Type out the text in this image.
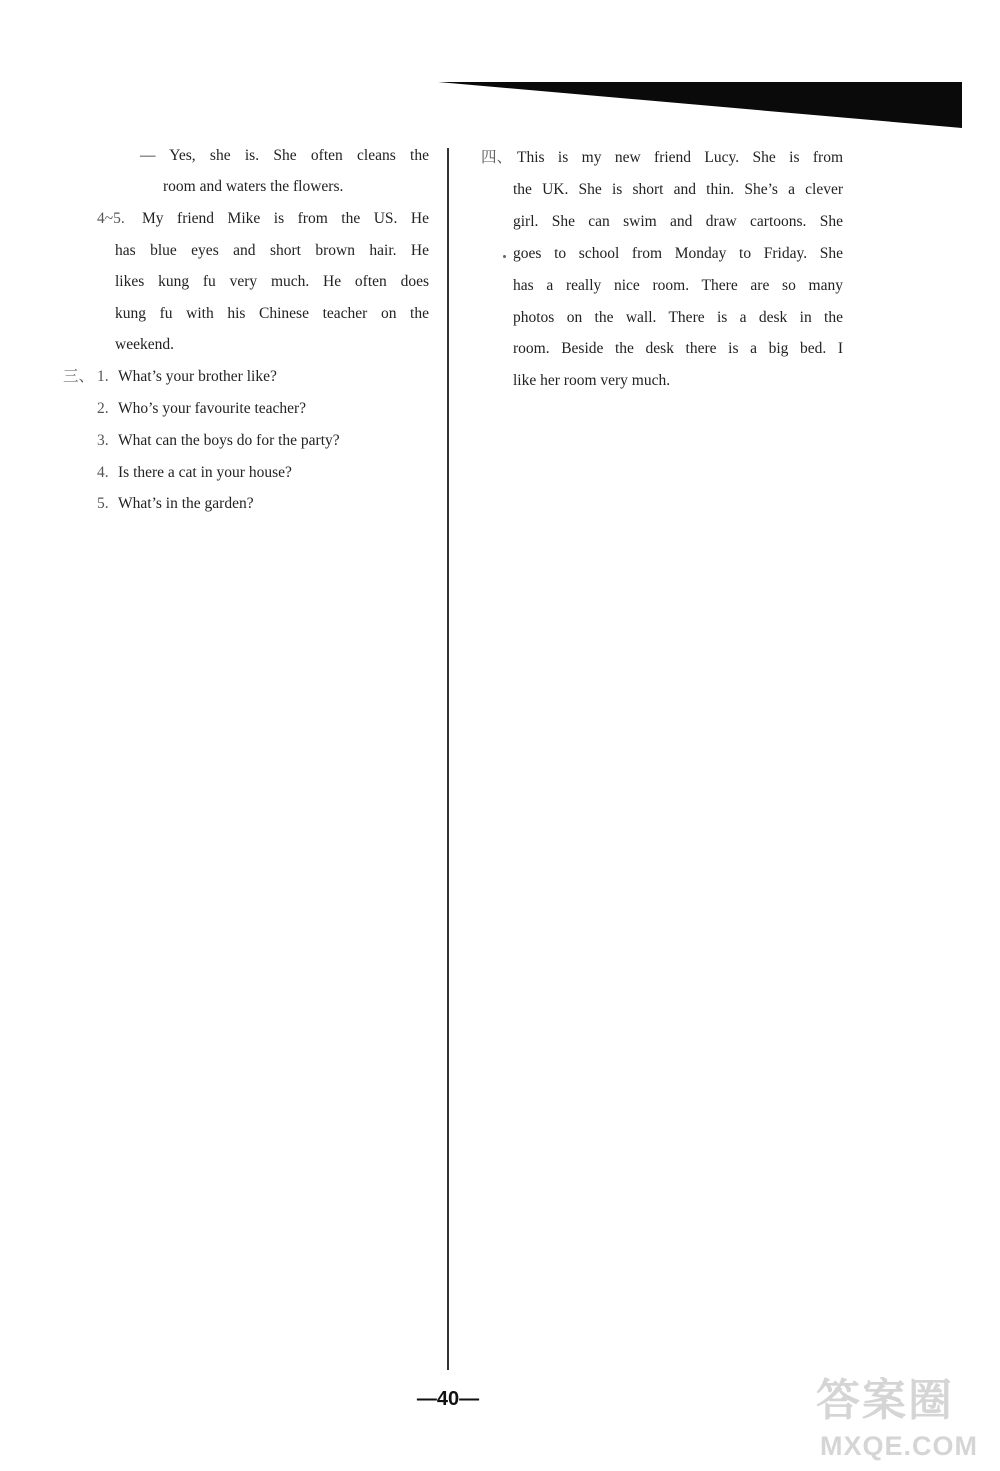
— Yes, she is. She often cleans the
room and waters the flowers.
4~5. My friend Mike is from the US. He
has blue eyes and short brown hair. He
likes kung fu very much. He often does
kung fu with his Chinese teacher on the
weekend.
三、 1. What’s your brother like?
2. Who’s your favourite teacher?
3. What can the boys do for the party?
4. Is there a cat in your house?
5. What’s in the garden?
四、 This is my new friend Lucy. She is from
the UK. She is short and thin. She’s a clever
girl. She can swim and draw cartoons. She
goes to school from Monday to Friday. She
has a really nice room. There are so many
photos on the wall. There is a desk in the
room. Beside the desk there is a big bed. I
like her room very much.
—40—	答案圈
MXQE.COM
